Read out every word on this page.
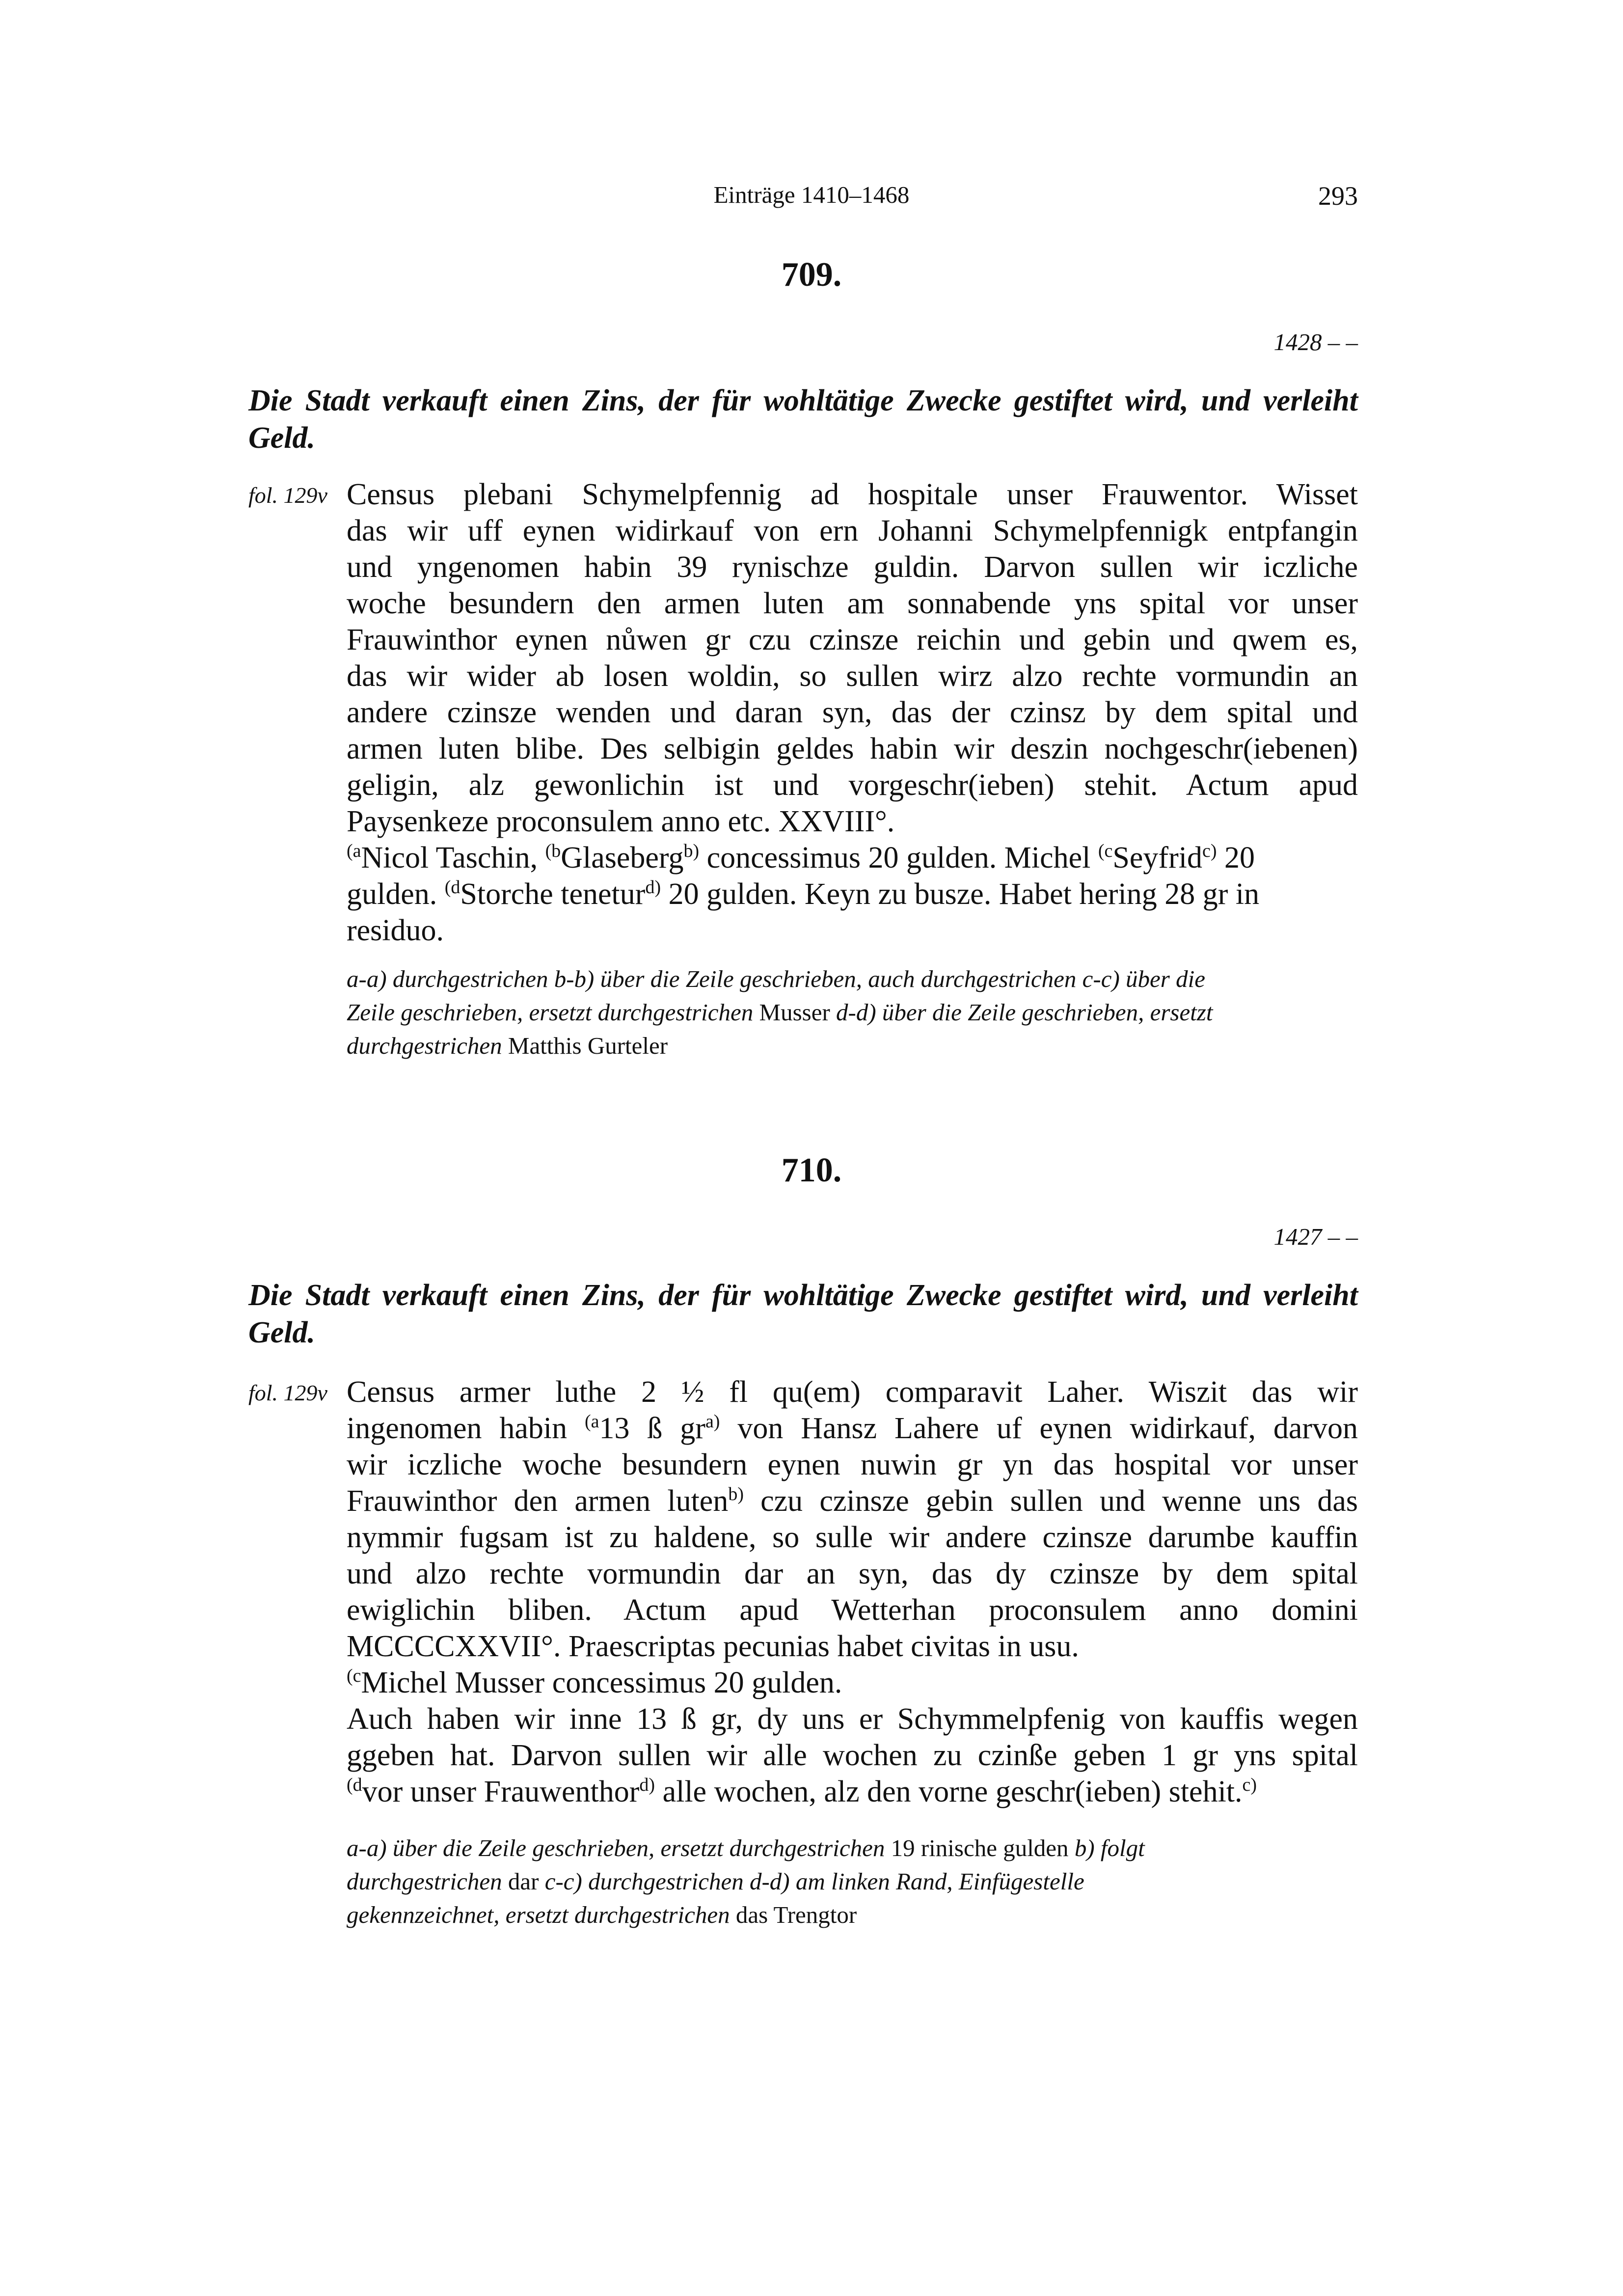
Einträge 1410–1468	293
709.
1428 – –
Die Stadt verkauft einen Zins, der für wohltätige Zwecke gestiftet wird, und verleiht Geld.
fol. 129v Census plebani Schymelpfennig ad hospitale unser Frauwentor. Wisset
das wir uff eynen widirkauf von ern Johanni Schymelpfennigk entpfangin
und yngenomen habin 39 rynischze guldin. Darvon sullen wir iczliche
woche besundern den armen luten am sonnabende yns spital vor unser
Frauwinthor eynen nůwen gr czu czinsze reichin und gebin und qwem es,
das wir wider ab losen woldin, so sullen wirz alzo rechte vormundin an
andere czinsze wenden und daran syn, das der czinsz by dem spital und
armen luten blibe. Des selbigin geldes habin wir deszin nochgeschr(iebenen)
geligin, alz gewonlichin ist und vorgeschr(ieben) stehit. Actum apud
Paysenkeze proconsulem anno etc. XXVIII°.
$^{(a}$Nicol Taschin, $^{(b}$Glaseberg$^{b)}$ concessimus 20 gulden. Michel $^{(c}$Seyfrid$^{c)}$ 20
gulden. $^{(d}$Storche tenetur$^{d)}$ 20 gulden. Keyn zu busze. Habet hering 28 gr in
residuo.
a-a) durchgestrichen b-b) über die Zeile geschrieben, auch durchgestrichen c-c) über die
Zeile geschrieben, ersetzt durchgestrichen Musser d-d) über die Zeile geschrieben, ersetzt
durchgestrichen Matthis Gurteler
710.
1427 – –
Die Stadt verkauft einen Zins, der für wohltätige Zwecke gestiftet wird, und verleiht Geld.
fol. 129v Census armer luthe 2 ½ fl qu(em) comparavit Laher. Wiszit das wir
ingenomen habin $^{(a}$13 ß $gr^{a)}$ von Hansz Lahere uf eynen widirkauf, darvon
wir iczliche woche besundern eynen nuwin gr yn das hospital vor unser
Frauwinthor den armen luten$^{b)}$ czu czinsze gebin sullen und wenne uns das
nymmir fugsam ist zu haldene, so sulle wir andere czinsze darumbe kauffin
und alzo rechte vormundin dar an syn, das dy czinsze by dem spital
ewiglichin bliben. Actum apud Wetterhan proconsulem anno domini
MCCCCXXVII°. Praescriptas pecunias habet civitas in usu.
$^{(c}$Michel Musser concessimus 20 gulden.
Auch haben wir inne 13 ß gr, dy uns er Schymmelpfenig von kauffis wegen
ggeben hat. Darvon sullen wir alle wochen zu czinße geben 1 gr yns spital
$^{(d}$vor unser Frauwenthor$^{d)}$ alle wochen, alz den vorne geschr(ieben) stehit.$^{c)}$
a-a) über die Zeile geschrieben, ersetzt durchgestrichen 19 rinische gulden b) folgt
durchgestrichen dar c-c) durchgestrichen d-d) am linken Rand, Einfügestelle
gekennzeichnet, ersetzt durchgestrichen das Trengtor
